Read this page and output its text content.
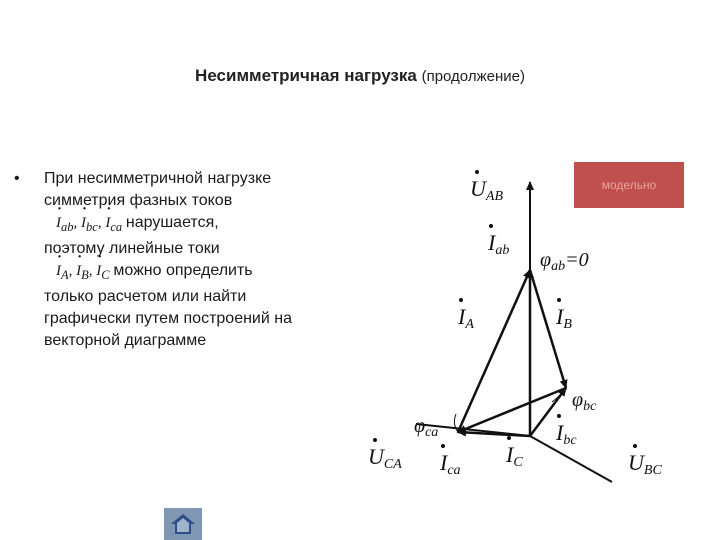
Несимметричная нагрузка (продолжение)
• При несимметричной нагрузке
симметрия фазных токов
· $I_{ab}$, · $I_{bc}$, · $I_{ca}$ нарушается,
поэтому линейные токи
· $I_A$, · $I_B$, · $I_C$ можно определить
только расчетом или найти
графически путем построений на
векторной диаграмме
модельно
UAB
Iab $\varphi_{ab}=0$
IA	IB
$\varphi_{bc}$
$\varphi_{ca}$	Ibc
UCA Ica
IC	UBC
